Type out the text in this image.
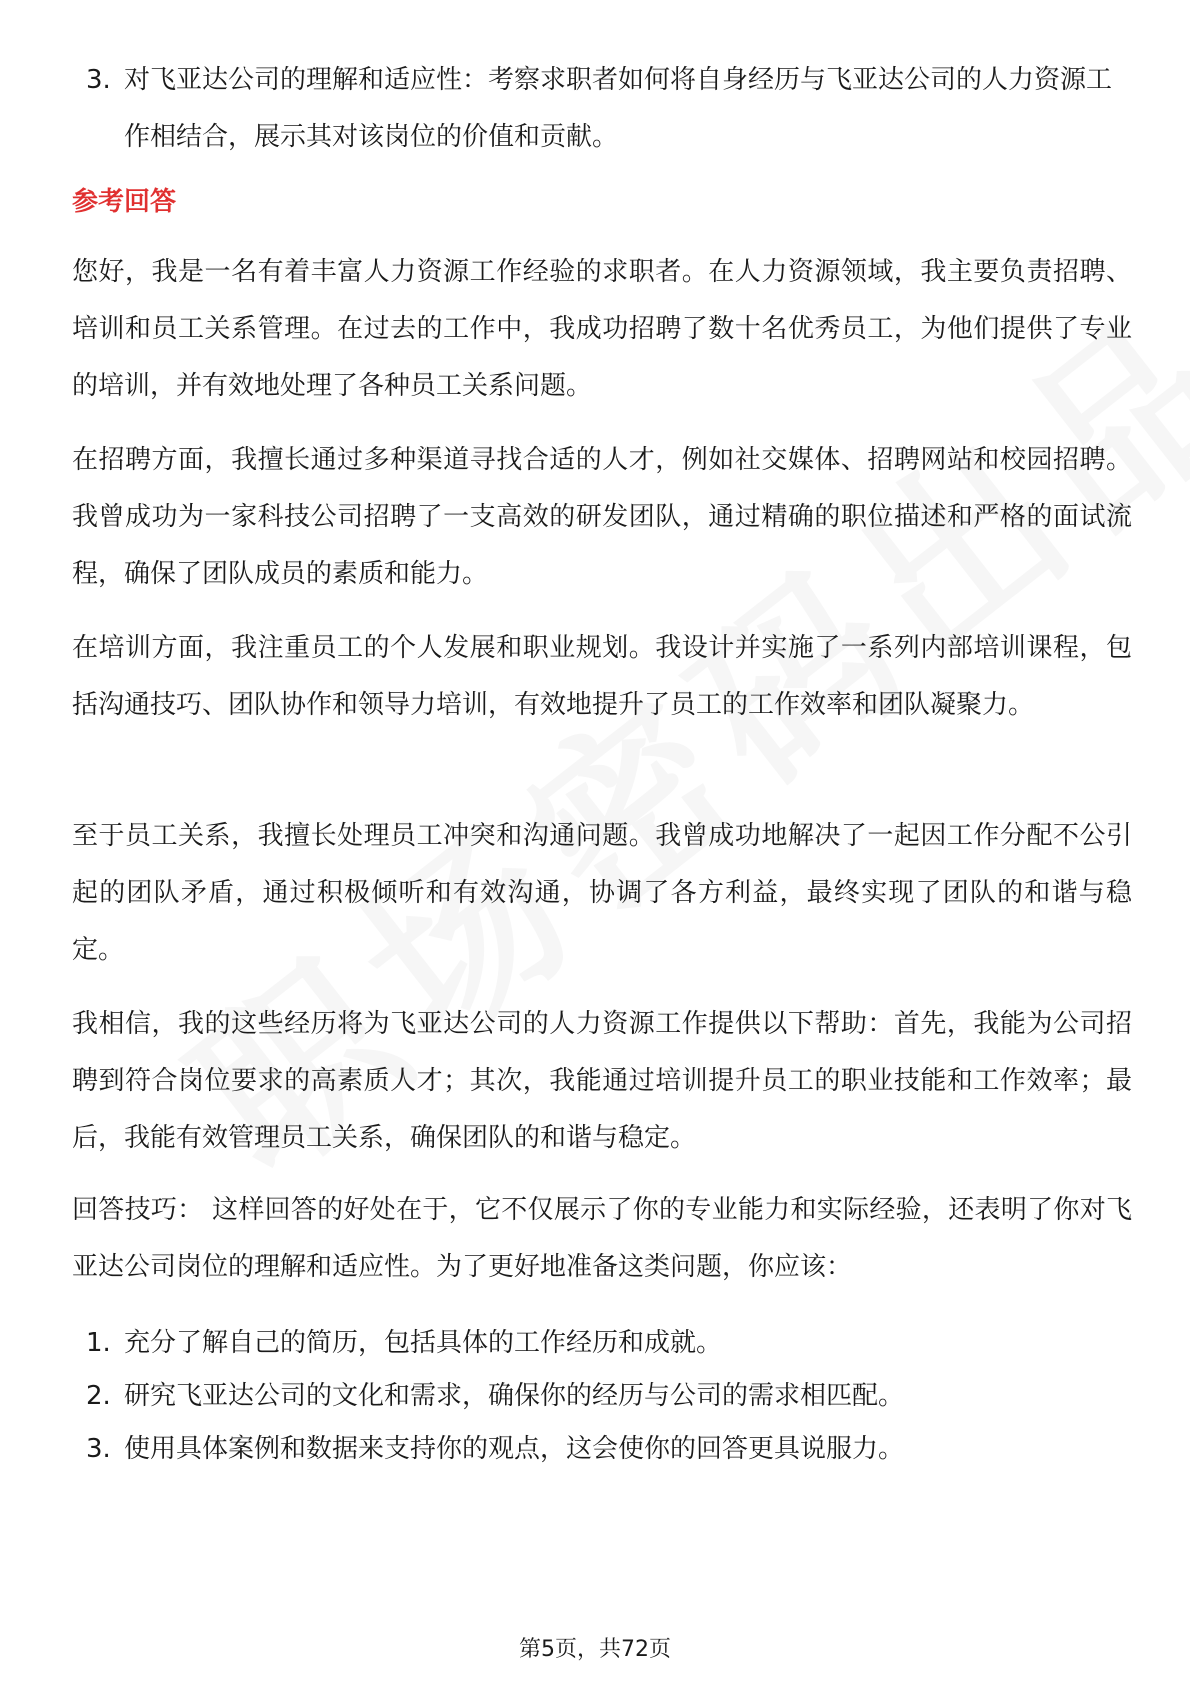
3. 对飞亚达公司的理解和适应性：考察求职者如何将自身经历与飞亚达公司的人力资源工作相结合，展示其对该岗位的价值和贡献。
参考回答
您好，我是一名有着丰富人力资源工作经验的求职者。在人力资源领域，我主要负责招聘、培训和员工关系管理。在过去的工作中，我成功招聘了数十名优秀员工，为他们提供了专业的培训，并有效地处理了各种员工关系问题。
在招聘方面，我擅长通过多种渠道寻找合适的人才，例如社交媒体、招聘网站和校园招聘。我曾成功为一家科技公司招聘了一支高效的研发团队，通过精确的职位描述和严格的面试流程，确保了团队成员的素质和能力。
在培训方面，我注重员工的个人发展和职业规划。我设计并实施了一系列内部培训课程，包括沟通技巧、团队协作和领导力培训，有效地提升了员工的工作效率和团队凝聚力。
至于员工关系，我擅长处理员工冲突和沟通问题。我曾成功地解决了一起因工作分配不公引起的团队矛盾，通过积极倾听和有效沟通，协调了各方利益，最终实现了团队的和谐与稳定。
我相信，我的这些经历将为飞亚达公司的人力资源工作提供以下帮助：首先，我能为公司招聘到符合岗位要求的高素质人才；其次，我能通过培训提升员工的职业技能和工作效率；最后，我能有效管理员工关系，确保团队的和谐与稳定。
回答技巧： 这样回答的好处在于，它不仅展示了你的专业能力和实际经验，还表明了你对飞亚达公司岗位的理解和适应性。为了更好地准备这类问题，你应该：
1. 充分了解自己的简历，包括具体的工作经历和成就。
2. 研究飞亚达公司的文化和需求，确保你的经历与公司的需求相匹配。
3. 使用具体案例和数据来支持你的观点，这会使你的回答更具说服力。
第5页，共72页
